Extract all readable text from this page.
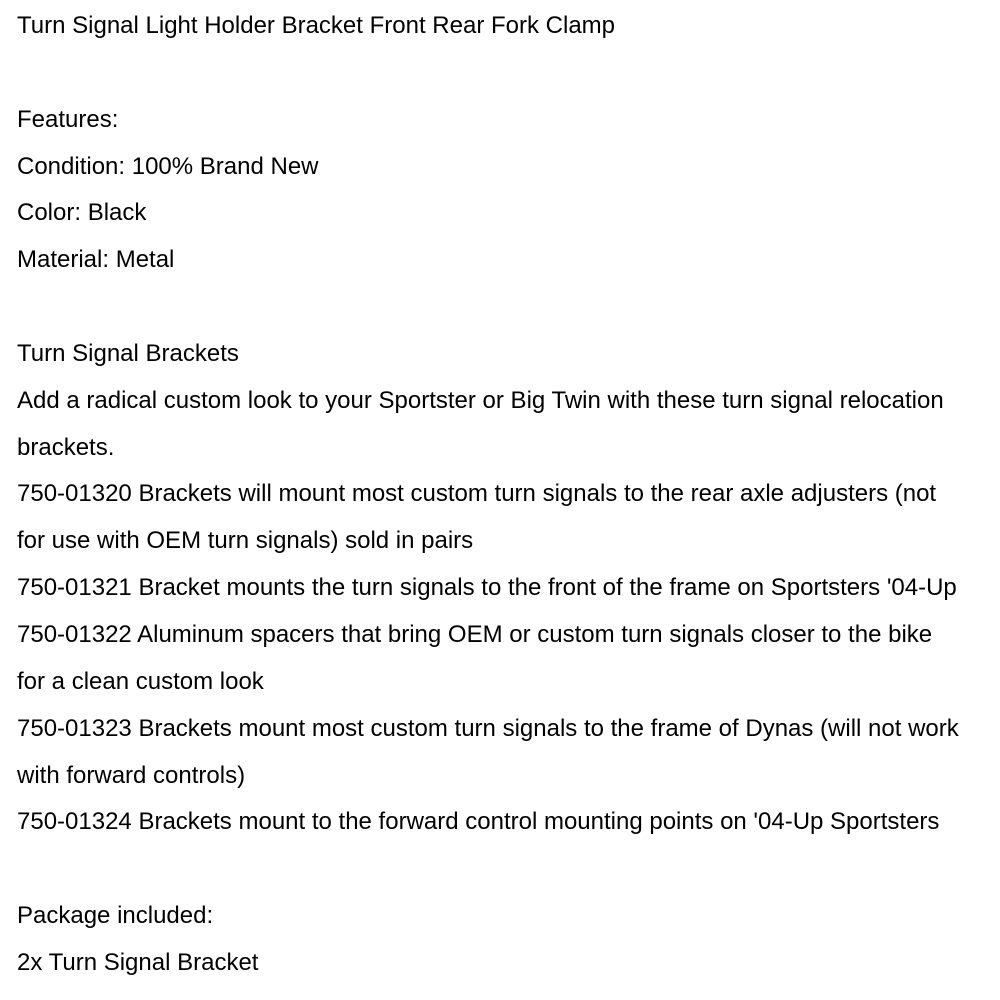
Turn Signal Light Holder Bracket Front Rear Fork Clamp
Features:
Condition: 100% Brand New
Color: Black
Material: Metal
Turn Signal Brackets
Add a radical custom look to your Sportster or Big Twin with these turn signal relocation
brackets.
750-01320 Brackets will mount most custom turn signals to the rear axle adjusters (not
for use with OEM turn signals) sold in pairs
750-01321 Bracket mounts the turn signals to the front of the frame on Sportsters '04-Up
750-01322 Aluminum spacers that bring OEM or custom turn signals closer to the bike
for a clean custom look
750-01323 Brackets mount most custom turn signals to the frame of Dynas (will not work
with forward controls)
750-01324 Brackets mount to the forward control mounting points on '04-Up Sportsters
Package included:
2x Turn Signal Bracket
